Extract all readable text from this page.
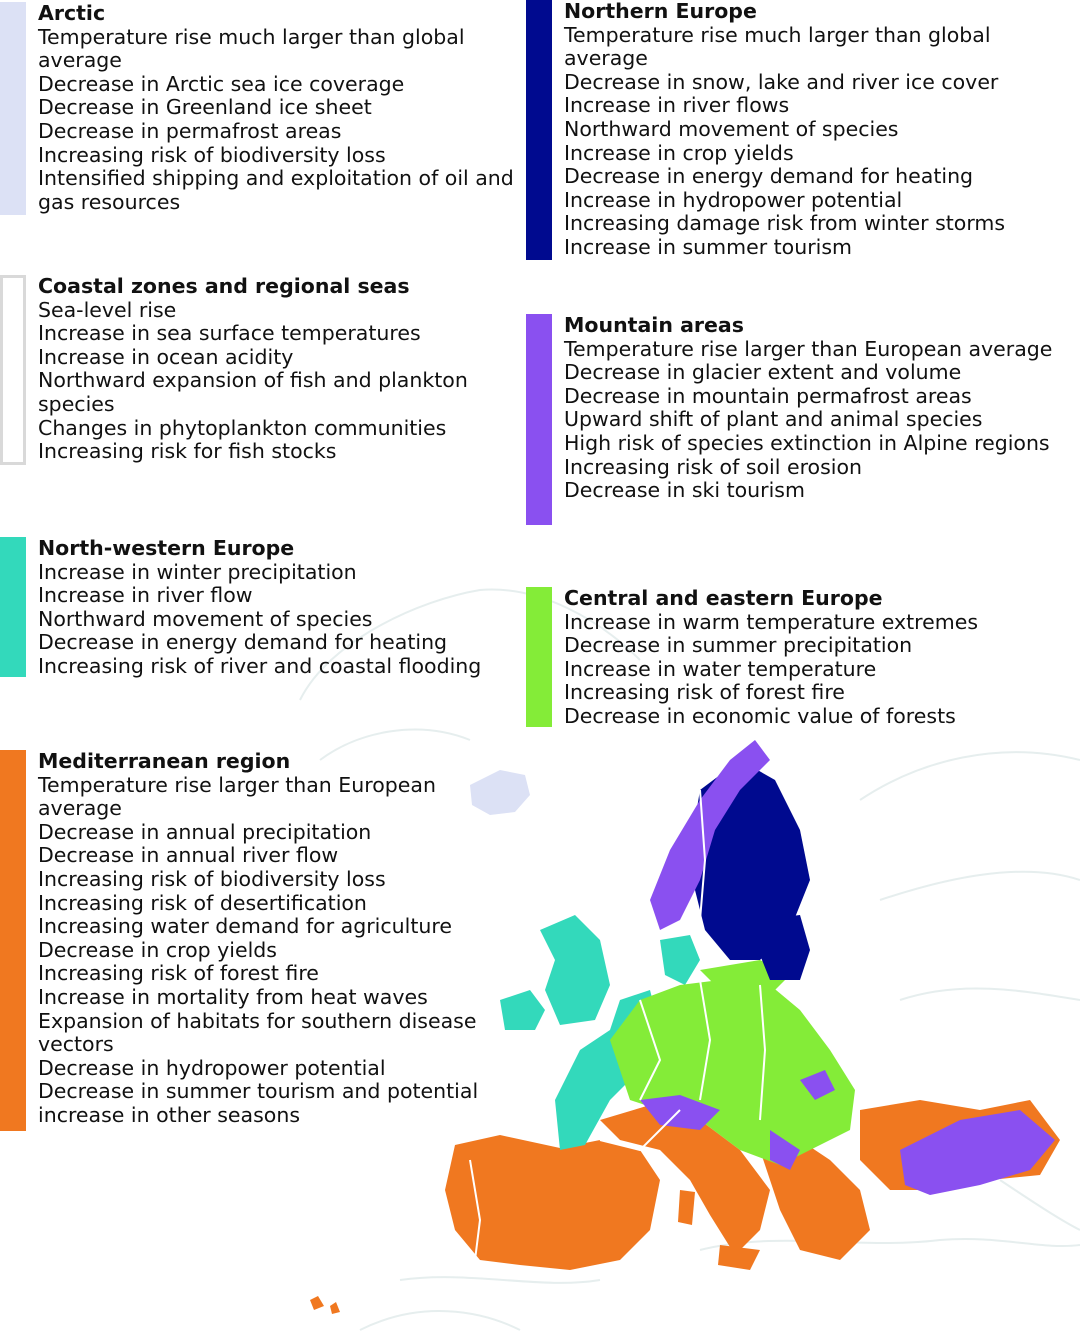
Arctic
Temperature rise much larger than global average
Decrease in Arctic sea ice coverage
Decrease in Greenland ice sheet
Decrease in permafrost areas
Increasing risk of biodiversity loss
Intensified shipping and exploitation of oil and gas resources
Coastal zones and regional seas
Sea-level rise
Increase in sea surface temperatures
Increase in ocean acidity
Northward expansion of fish and plankton species
Changes in phytoplankton communities
Increasing risk for fish stocks
North-western Europe
Increase in winter precipitation
Increase in river flow
Northward movement of species
Decrease in energy demand for heating
Increasing risk of river and coastal flooding
Mediterranean region
Temperature rise larger than European average
Decrease in annual precipitation
Decrease in annual river flow
Increasing risk of biodiversity loss
Increasing risk of desertification
Increasing water demand for agriculture
Decrease in crop yields
Increasing risk of forest fire
Increase in mortality from heat waves
Expansion of habitats for southern disease vectors
Decrease in hydropower potential
Decrease in summer tourism and potential increase in other seasons
Northern Europe
Temperature rise much larger than global average
Decrease in snow, lake and river ice cover
Increase in river flows
Northward movement of species
Increase in crop yields
Decrease in energy demand for heating
Increase in hydropower potential
Increasing damage risk from winter storms
Increase in summer tourism
Mountain areas
Temperature rise larger than European average
Decrease in glacier extent and volume
Decrease in mountain permafrost areas
Upward shift of plant and animal species
High risk of species extinction in Alpine regions
Increasing risk of soil erosion
Decrease in ski tourism
Central and eastern Europe
Increase in warm temperature extremes
Decrease in summer precipitation
Increase in water temperature
Increasing risk of forest fire
Decrease in economic value of forests
